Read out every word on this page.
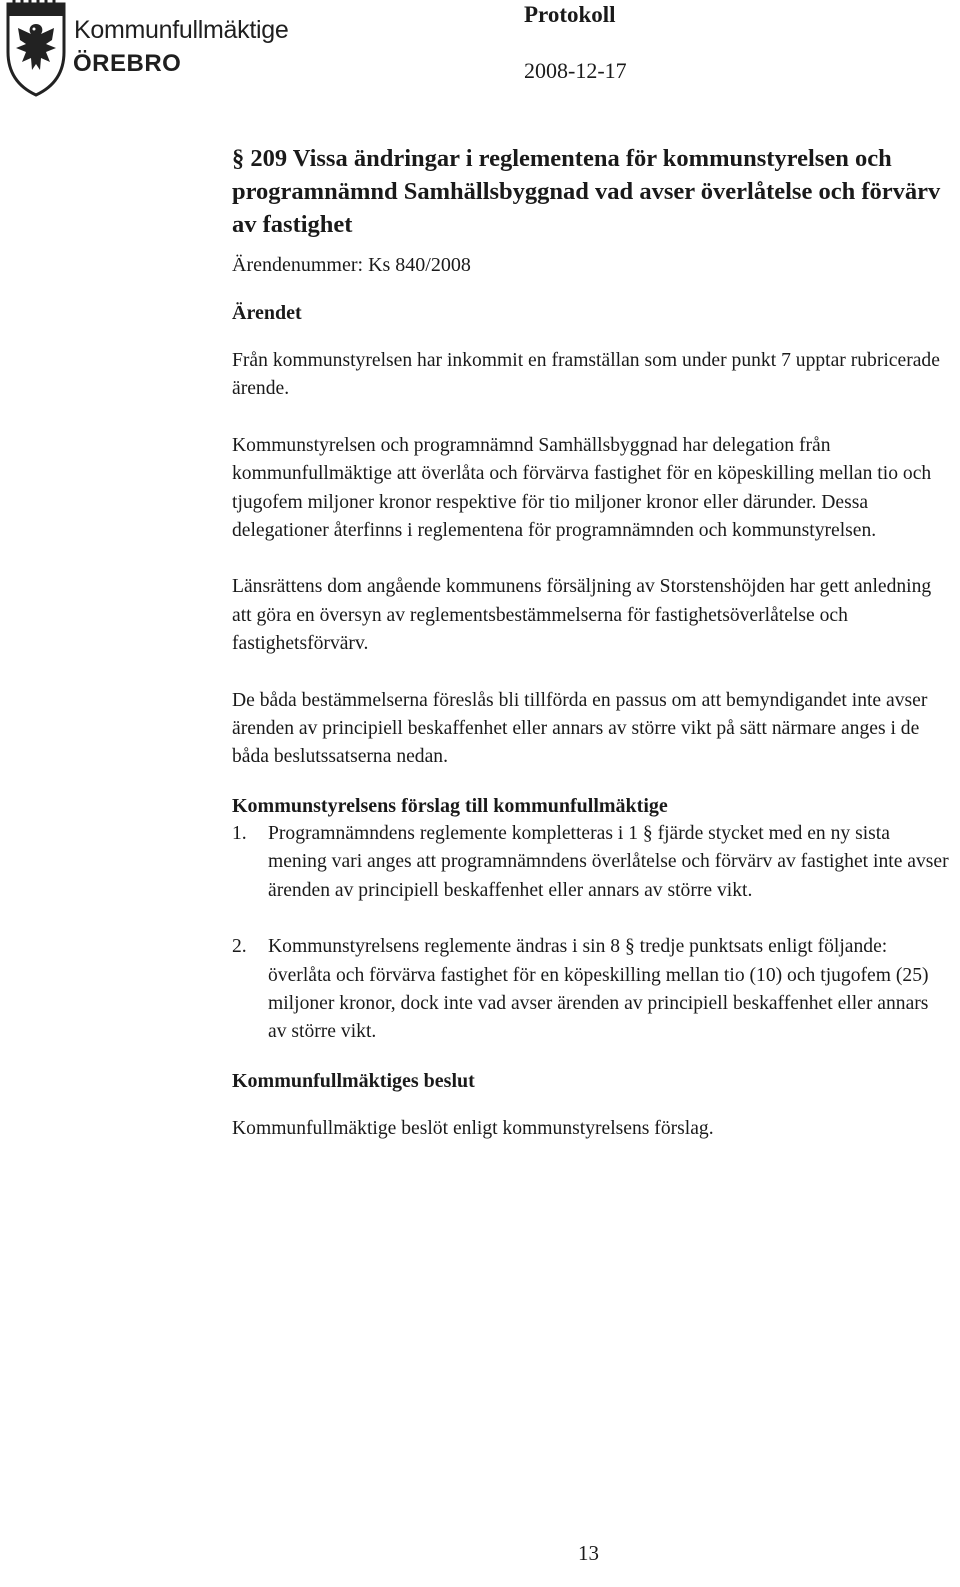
Kommunfullmäktige
ÖREBRO
Protokoll
2008-12-17
§ 209 Vissa ändringar i reglementena för kommunstyrelsen och programnämnd Samhällsbyggnad vad avser överlåtelse och förvärv av fastighet
Ärendenummer: Ks 840/2008
Ärendet

Från kommunstyrelsen har inkommit en framställan som under punkt 7 upptar rubricerade ärende.

Kommunstyrelsen och programnämnd Samhällsbyggnad har delegation från kommunfullmäktige att överlåta och förvärva fastighet för en köpeskilling mellan tio och tjugofem miljoner kronor respektive för tio miljoner kronor eller därunder. Dessa delegationer återfinns i reglementena för programnämnden och kommunstyrelsen.

Länsrättens dom angående kommunens försäljning av Storstenshöjden har gett anledning att göra en översyn av reglementsbestämmelserna för fastighetsöverlåtelse och fastighetsförvärv.

De båda bestämmelserna föreslås bli tillförda en passus om att bemyndigandet inte avser ärenden av principiell beskaffenhet eller annars av större vikt på sätt närmare anges i de båda beslutssatserna nedan.

Kommunstyrelsens förslag till kommunfullmäktige
1. Programnämndens reglemente kompletteras i 1 § fjärde stycket med en ny sista mening vari anges att programnämndens överlåtelse och förvärv av fastighet inte avser ärenden av principiell beskaffenhet eller annars av större vikt.
2. Kommunstyrelsens reglemente ändras i sin 8 § tredje punktsats enligt följande: överlåta och förvärva fastighet för en köpeskilling mellan tio (10) och tjugofem (25) miljoner kronor, dock inte vad avser ärenden av principiell beskaffenhet eller annars av större vikt.
Kommunfullmäktiges beslut

Kommunfullmäktige beslöt enligt kommunstyrelsens förslag.

13
